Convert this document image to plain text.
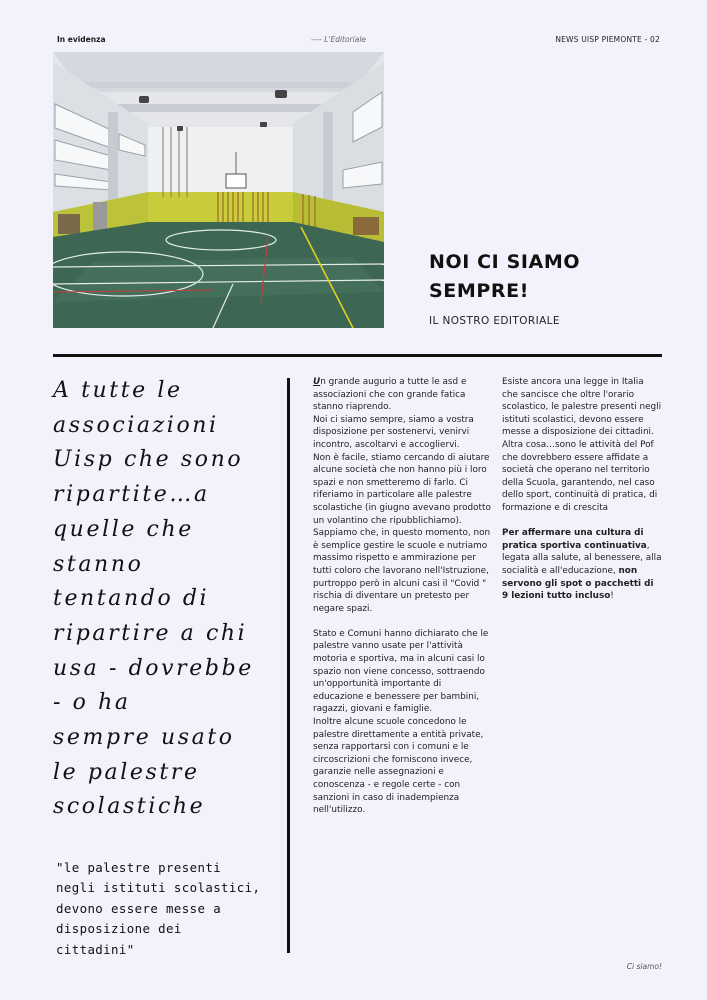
In evidenza	---- L'Editoriale	NEWS UISP PIEMONTE - 02
NOI CI SIAMO
SEMPRE!
IL NOSTRO EDITORIALE
A tutte le
associazioni
Uisp che sono
ripartite…a
quelle che
stanno
tentando di
ripartire a chi
usa - dovrebbe
- o ha
sempre usato
le palestre
scolastiche
"le palestre presenti
negli istituti scolastici,
devono essere messe a
disposizione dei
cittadini"

Un grande augurio a tutte le asd e associazioni che con grande fatica stanno riaprendo.

Noi ci siamo sempre, siamo a vostra disposizione per sostenervi, venirvi incontro, ascoltarvi e accogliervi.

Non è facile, stiamo cercando di aiutare alcune società che non hanno più i loro spazi e non smetteremo di farlo. Ci riferiamo in particolare alle palestre scolastiche (in giugno avevano prodotto un volantino che ripubblichiamo).

Sappiamo che, in questo momento, non è semplice gestire le scuole e nutriamo massimo rispetto e ammirazione per tutti coloro che lavorano nell'Istruzione, purtroppo però in alcuni casi il "Covid " rischia di diventare un pretesto per negare spazi.

Stato e Comuni hanno dichiarato che le palestre vanno usate per l'attività motoria e sportiva, ma in alcuni casi lo spazio non viene concesso, sottraendo un'opportunità importante di educazione e benessere per bambini, ragazzi, giovani e famiglie.

Inoltre alcune scuole concedono le palestre direttamente a entità private, senza rapportarsi con i comuni e le circoscrizioni che forniscono invece, garanzie nelle assegnazioni e conoscenza - e regole certe - con sanzioni in caso di inadempienza nell'utilizzo.

Esiste ancora una legge in Italia che sancisce che oltre l'orario scolastico, le palestre presenti negli istituti scolastici, devono essere messe a disposizione dei cittadini.

Altra cosa…sono le attività del Pof che dovrebbero essere affidate a società che operano nel territorio della Scuola, garantendo, nel caso dello sport, continuità di pratica, di formazione e di crescita

Per affermare una cultura di pratica sportiva continuativa, legata alla salute, al benessere, alla socialità e all'educazione, non servono gli spot o pacchetti di 9 lezioni tutto incluso!

Ci siamo!
